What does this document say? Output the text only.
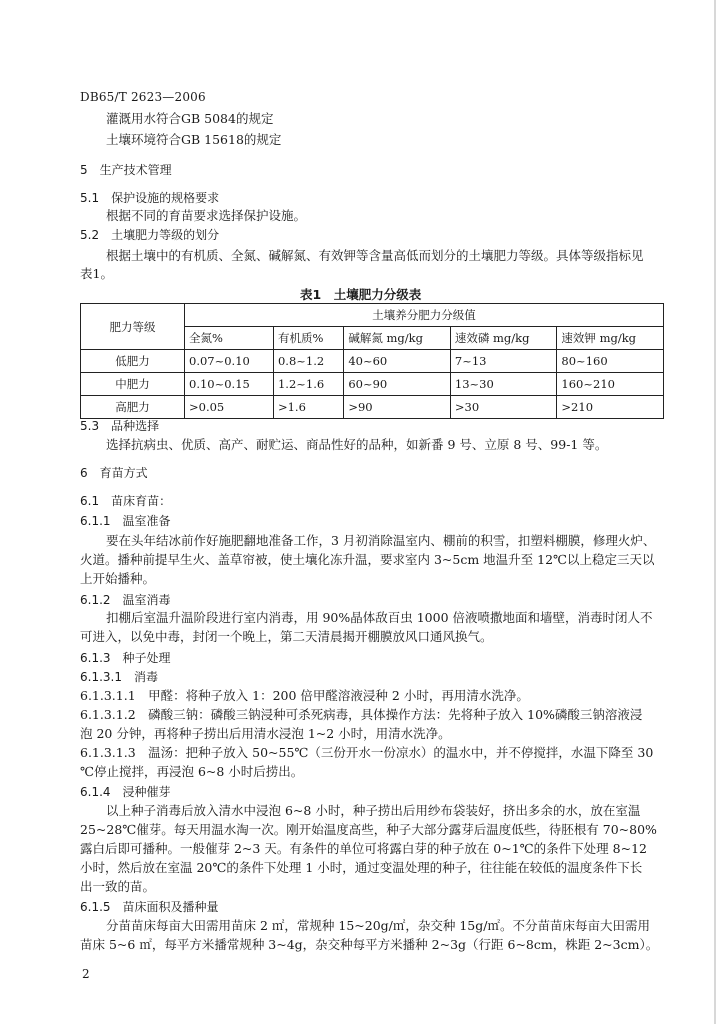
DB65/T 2623—2006
灌溉用水符合GB 5084的规定
土壤环境符合GB 15618的规定
5　生产技术管理
5.1　保护设施的规格要求
根据不同的育苗要求选择保护设施。
5.2　土壤肥力等级的划分
根据土壤中的有机质、全氮、碱解氮、有效钾等含量高低而划分的土壤肥力等级。具体等级指标见
表1。
表1　土壤肥力分级表
肥力等级	土壤养分肥力分级值				
	全氮%	有机质%	碱解氮 mg/kg	速效磷 mg/kg	速效钾 mg/kg
低肥力	0.07~0.10	0.8~1.2	40~60	7~13	80~160
中肥力	0.10~0.15	1.2~1.6	60~90	13~30	160~210
高肥力	>0.05	>1.6	>90	>30	>210
5.3　品种选择
选择抗病虫、优质、高产、耐贮运、商品性好的品种，如新番 9 号、立原 8 号、99-1 等。
6　育苗方式
6.1　苗床育苗：
6.1.1　温室准备
要在头年结冰前作好施肥翻地准备工作，3 月初消除温室内、棚前的积雪，扣塑料棚膜，修理火炉、
火道。播种前提早生火、盖草帘被，使土壤化冻升温，要求室内 3~5cm 地温升至 12℃以上稳定三天以
上开始播种。
6.1.2　温室消毒
扣棚后室温升温阶段进行室内消毒，用 90%晶体敌百虫 1000 倍液喷撒地面和墙壁，消毒时闭人不
可进入，以免中毒，封闭一个晚上，第二天清晨揭开棚膜放风口通风换气。
6.1.3　种子处理
6.1.3.1　消毒
6.1.3.1.1　甲醛：将种子放入 1：200 倍甲醛溶液浸种 2 小时，再用清水洗净。
6.1.3.1.2　磷酸三钠：磷酸三钠浸种可杀死病毒，具体操作方法：先将种子放入 10%磷酸三钠溶液浸
泡 20 分钟，再将种子捞出后用清水浸泡 1~2 小时，用清水洗净。
6.1.3.1.3　温汤：把种子放入 50~55℃（三份开水一份凉水）的温水中，并不停搅拌，水温下降至 30
℃停止搅拌，再浸泡 6~8 小时后捞出。
6.1.4　浸种催芽
以上种子消毒后放入清水中浸泡 6~8 小时，种子捞出后用纱布袋装好，挤出多余的水，放在室温
25~28℃催芽。每天用温水淘一次。刚开始温度高些，种子大部分露芽后温度低些，待胚根有 70~80%
露白后即可播种。一般催芽 2~3 天。有条件的单位可将露白芽的种子放在 0~1℃的条件下处理 8~12
小时，然后放在室温 20℃的条件下处理 1 小时，通过变温处理的种子，往往能在较低的温度条件下长
出一致的苗。
6.1.5　苗床面积及播种量
分苗苗床每亩大田需用苗床 2 ㎡，常规种 15~20g/㎡，杂交种 15g/㎡。不分苗苗床每亩大田需用
苗床 5~6 ㎡，每平方米播常规种 3~4g，杂交种每平方米播种 2~3g（行距 6~8cm，株距 2~3cm）。
2
